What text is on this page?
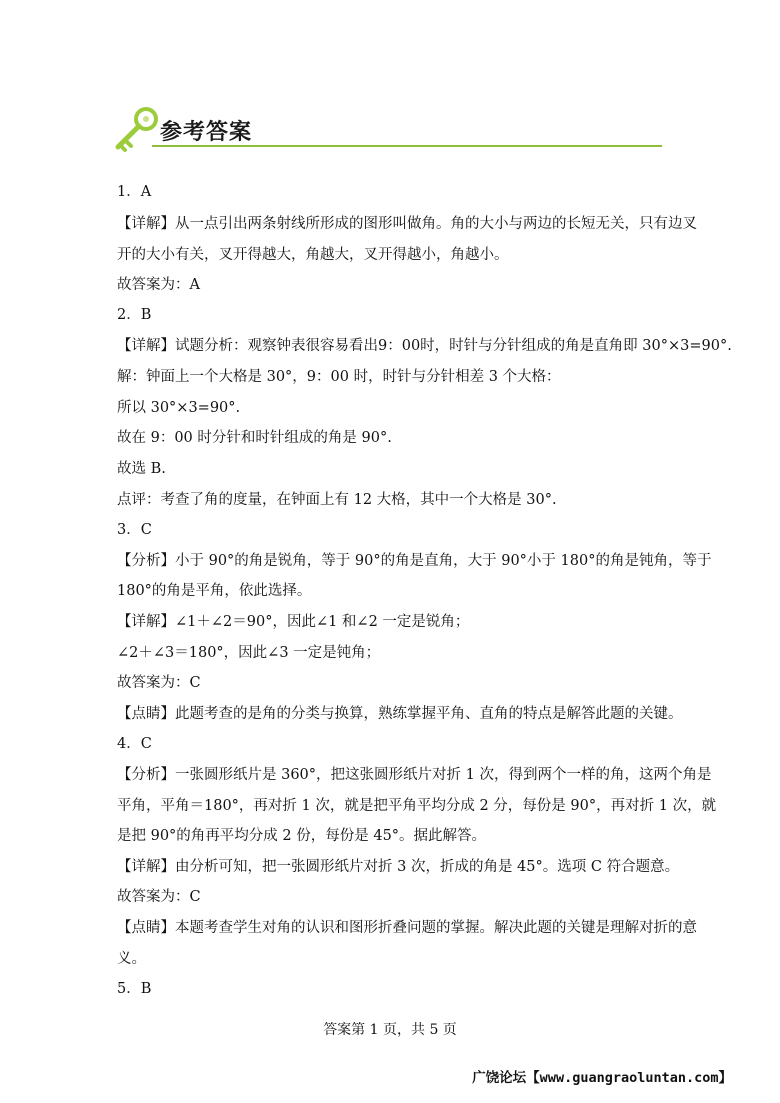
参考答案
1．A
【详解】从一点引出两条射线所形成的图形叫做角。角的大小与两边的长短无关，只有边叉
开的大小有关，叉开得越大，角越大，叉开得越小，角越小。
故答案为：A
2．B
【详解】试题分析：观察钟表很容易看出9：00时，时针与分针组成的角是直角即 30°×3=90°.
解：钟面上一个大格是 30°，9：00 时，时针与分针相差 3 个大格：
所以 30°×3=90°.
故在 9：00 时分针和时针组成的角是 90°.
故选 B.
点评：考查了角的度量，在钟面上有 12 大格，其中一个大格是 30°.
3．C
【分析】小于 90°的角是锐角，等于 90°的角是直角，大于 90°小于 180°的角是钝角，等于
180°的角是平角，依此选择。
【详解】∠1＋∠2＝90°，因此∠1 和∠2 一定是锐角；
∠2＋∠3＝180°，因此∠3 一定是钝角；
故答案为：C
【点睛】此题考查的是角的分类与换算，熟练掌握平角、直角的特点是解答此题的关键。
4．C
【分析】一张圆形纸片是 360°，把这张圆形纸片对折 1 次，得到两个一样的角，这两个角是
平角，平角＝180°，再对折 1 次，就是把平角平均分成 2 分，每份是 90°，再对折 1 次，就
是把 90°的角再平均分成 2 份，每份是 45°。据此解答。
【详解】由分析可知，把一张圆形纸片对折 3 次，折成的角是 45°。选项 C 符合题意。
故答案为：C
【点睛】本题考查学生对角的认识和图形折叠问题的掌握。解决此题的关键是理解对折的意
义。
5．B
答案第 1 页，共 5 页
广饶论坛【www.guangraoluntan.com】
